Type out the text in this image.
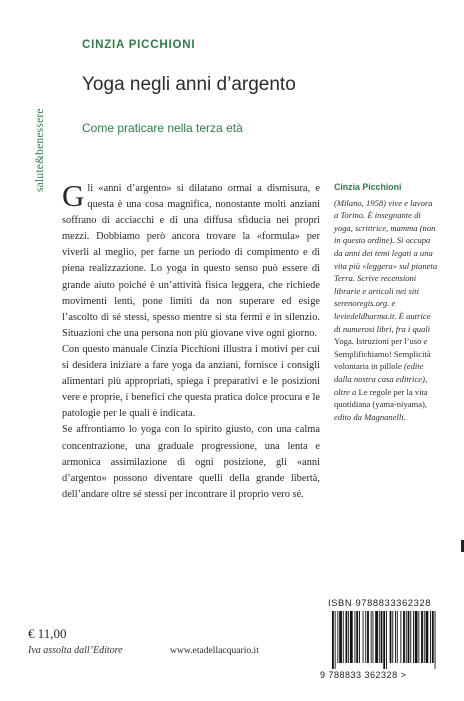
salute&benessere
CINZIA PICCHIONI
Yoga negli anni d’argento
Come praticare nella terza età

Gli «anni d’argento» si dilatano ormai a dismisura, e questa è una cosa magnifica, nonostante molti anziani soffrano di acciacchi e di una diffusa sfiducia nei propri mezzi. Dobbiamo però ancora trovare la «formula» per viverli al meglio, per farne un periodo di compimento e di piena realizzazione. Lo yoga in questo senso può essere di grande aiuto poiché è un’attività fisica leggera, che richiede movimenti lenti, pone limiti da non superare ed esige l’ascolto di sé stessi, spesso mentre si sta fermi e in silenzio. Situazioni che una persona non più giovane vive ogni giorno.

Con questo manuale Cinzia Picchioni illustra i motivi per cui si desidera iniziare a fare yoga da anziani, fornisce i consigli alimentari più appropriati, spiega i preparativi e le posizioni vere e proprie, i benefici che questa pratica dolce procura e le patologie per le quali è indicata.

Se affrontiamo lo yoga con lo spirito giusto, con una calma concentrazione, una graduale progressione, una lenta e armonica assimilazione di ogni posizione, gli «anni d’argento» possono diventare quelli della grande libertà, dell’andare oltre sé stessi per incontrare il proprio vero sé.

Cinzia Picchioni
(Milano, 1958) vive e lavora a Torino. È insegnante di yoga, scrittrice, mamma (non in questo ordine). Si occupa da anni dei temi legati a una vita più «leggera» sul pianeta Terra. Scrive recensioni librarie e articoli nei siti serenoregis.org. e leviedeldharma.it. È autrice di numerosi libri, fra i quali Yoga. Istruzioni per l’uso e Semplifichiamo! Semplicità volontaria in pillole (edite dalla nostra casa editrice), oltre a Le regole per la vita quotidiana (yama-niyama), edito da Magnanelli.
ISBN 9788833362328
9 788833 362328 >
€ 11,00
Iva assolta dall’Editore	www.etadellacquario.it
